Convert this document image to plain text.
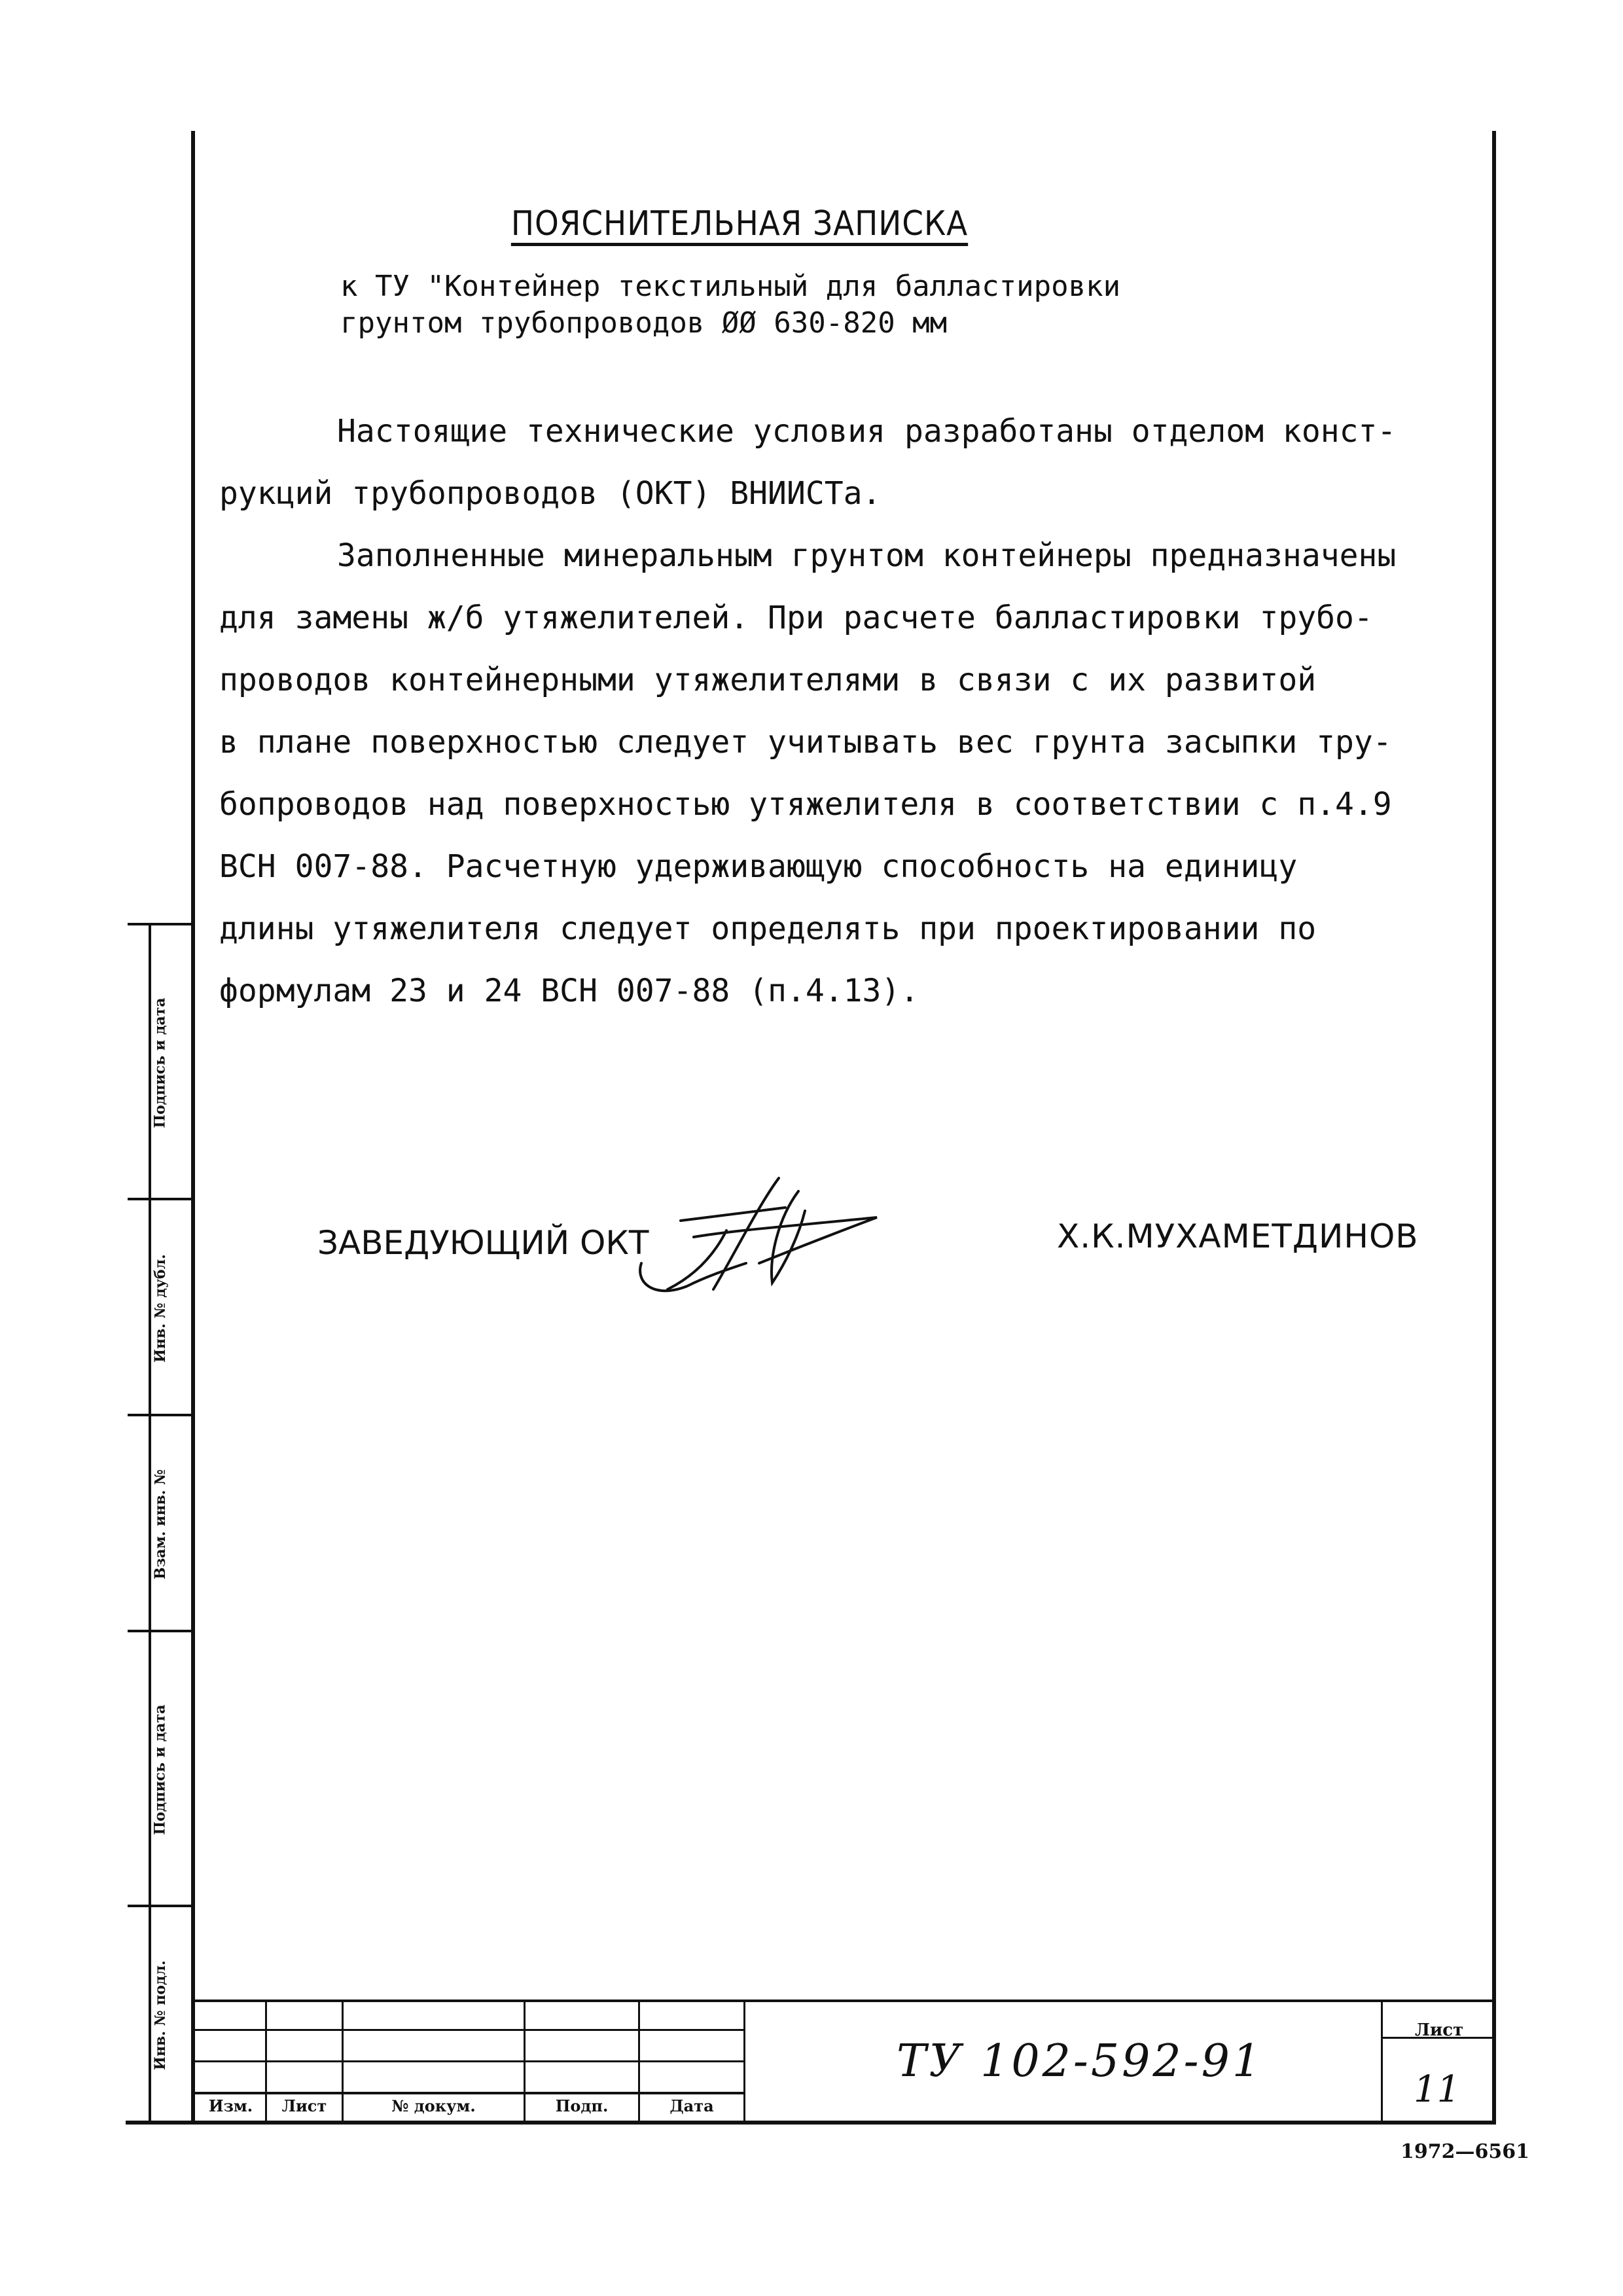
ПОЯСНИТЕЛЬНАЯ ЗАПИСКА
к ТУ "Контейнер текстильный для балластировки
грунтом трубопроводов ØØ 630-820 мм
Настоящие технические условия разработаны отделом конст-
рукций трубопроводов (ОКТ) ВНИИСТа.
Заполненные минеральным грунтом контейнеры предназначены
для замены ж/б утяжелителей. При расчете балластировки трубо-
проводов контейнерными утяжелителями в связи с их развитой
в плане поверхностью следует учитывать вес грунта засыпки тру-
бопроводов над поверхностью утяжелителя в соответствии с п.4.9
ВСН 007-88. Расчетную удерживающую способность на единицу
длины утяжелителя следует определять при проектировании по
формулам 23 и 24 ВСН 007-88 (п.4.13).
ЗАВЕДУЮЩИЙ ОКТ	Х.К.МУХАМЕТДИНОВ
Подпись и дата
Инв. № дубл.
Взам. инв. №
Подпись и дата
Инв. № подл.
Изм.	Лист	№ докум.	Подп.	Дата
ТУ 102-592-91
Лист
11
1972—6561
